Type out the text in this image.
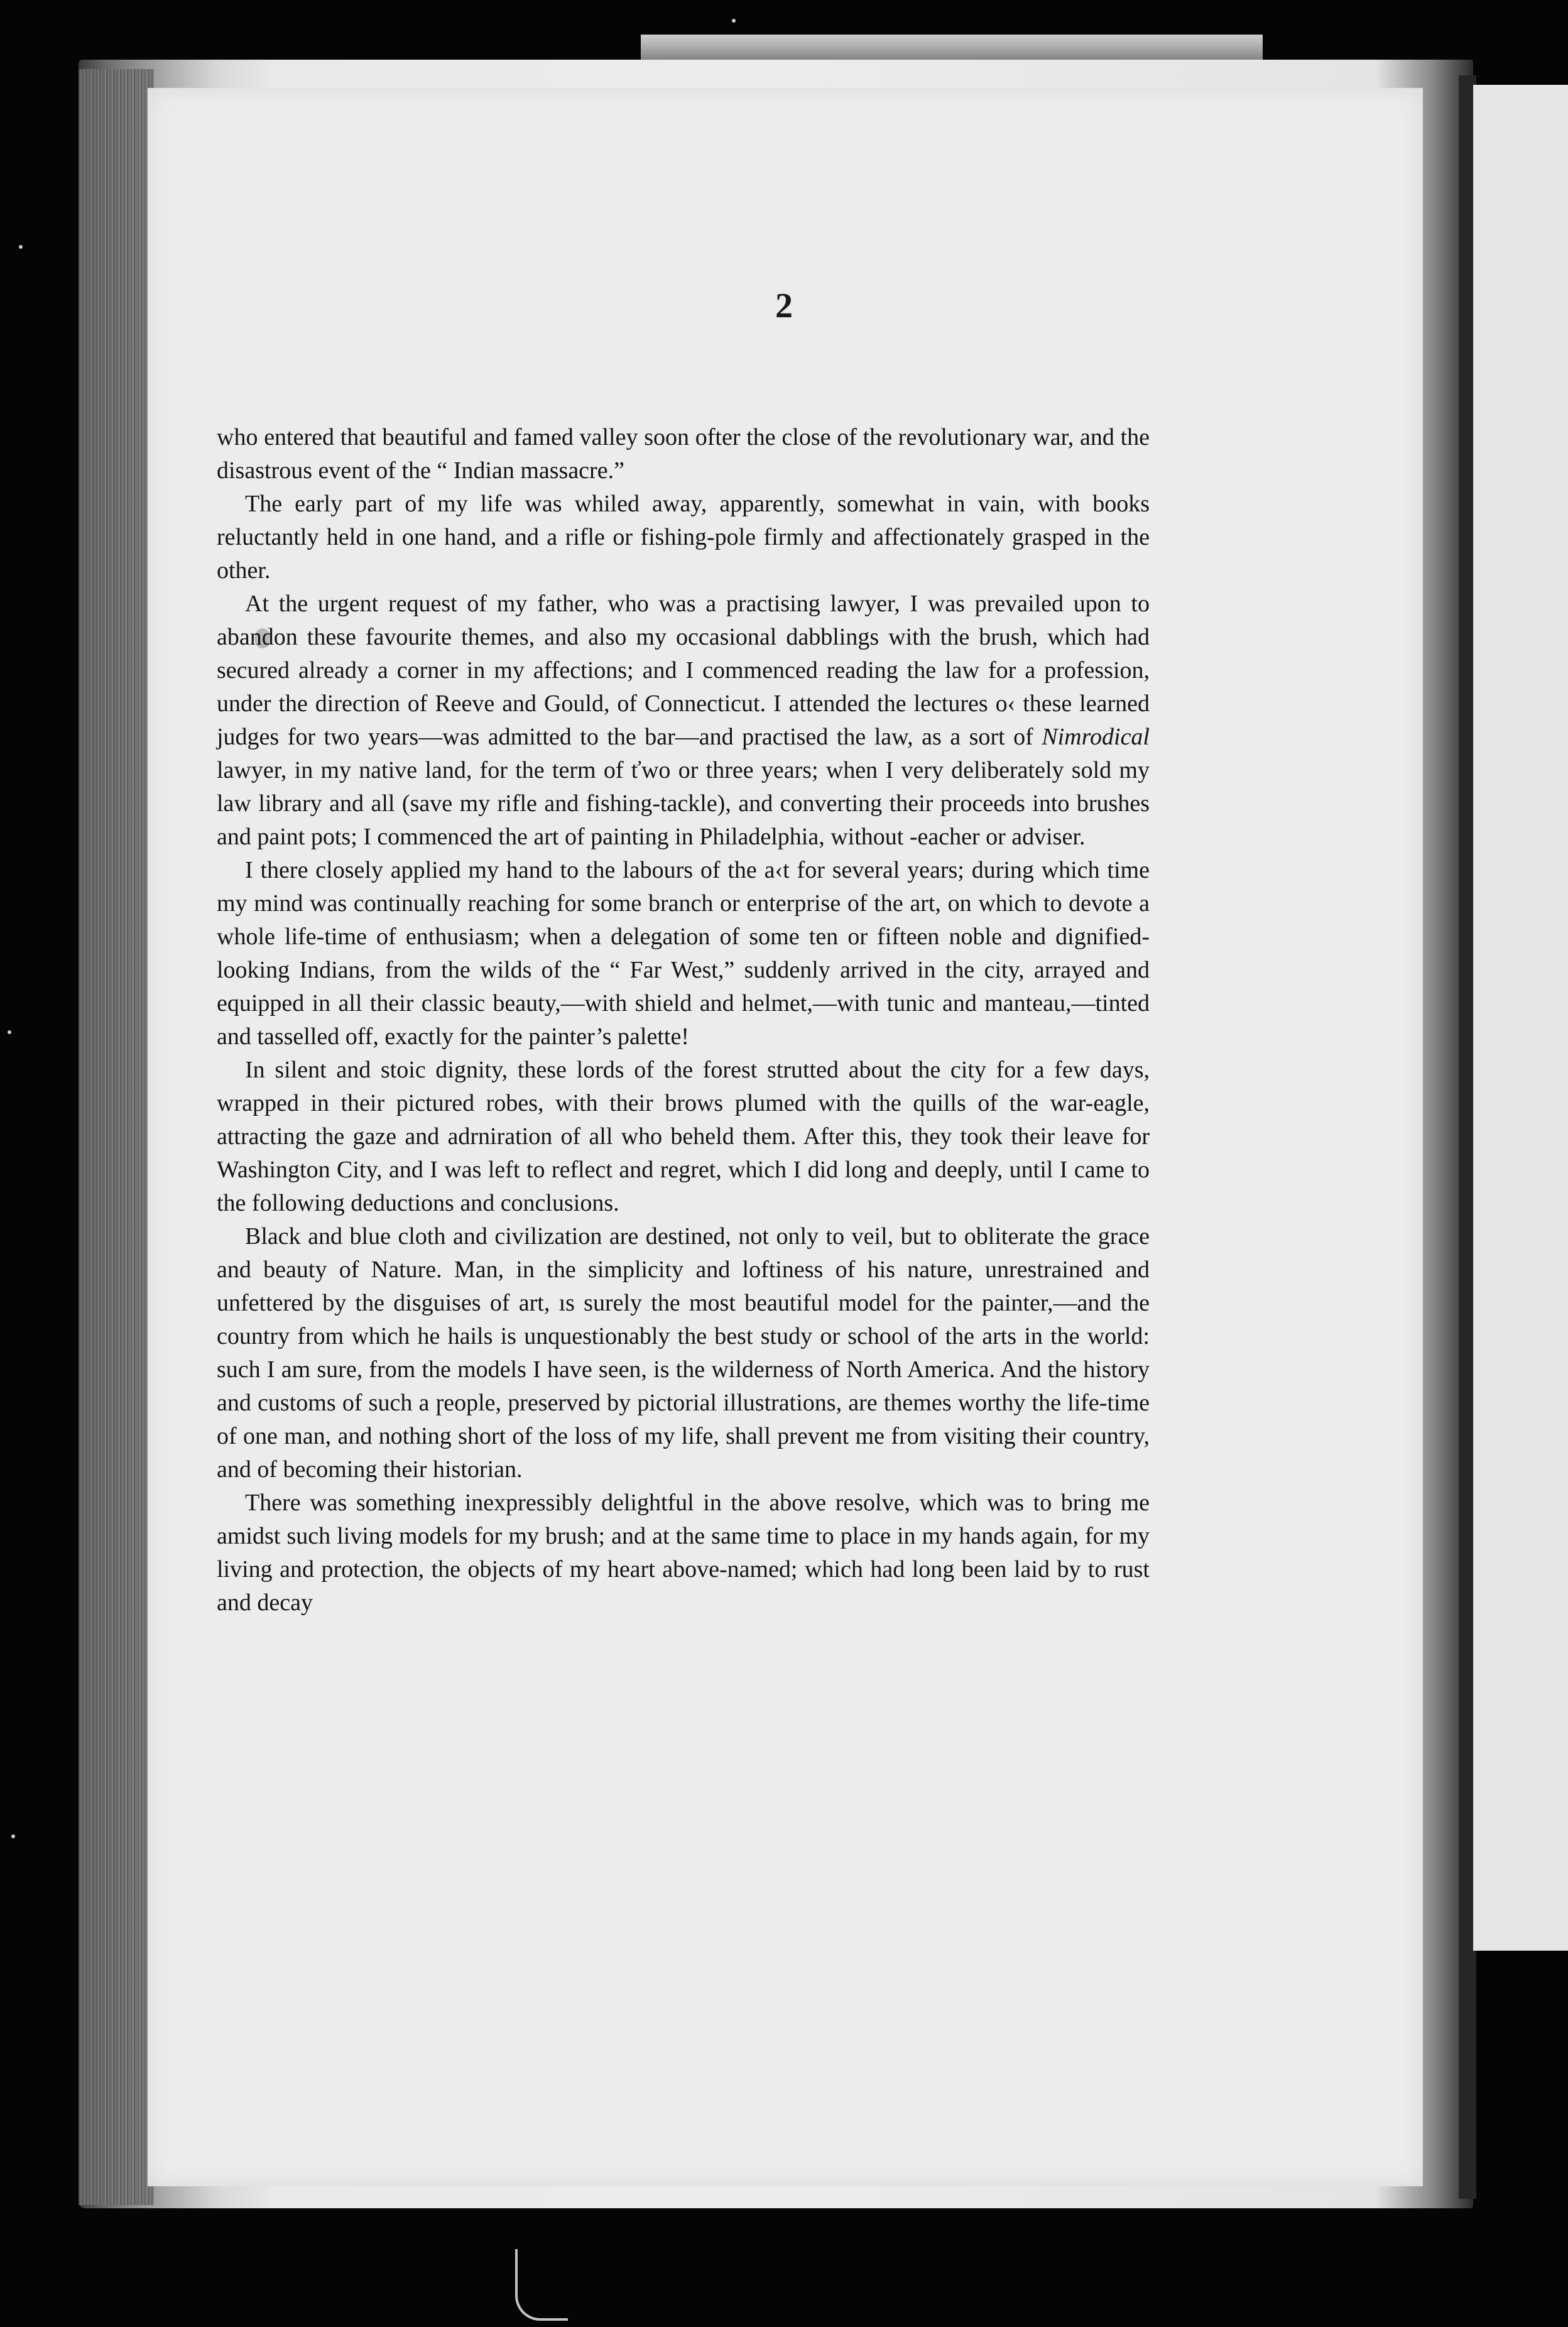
2

who entered that beautiful and famed valley soon ofter the close of the revolutionary war, and the disastrous event of the “ Indian massacre.”

The early part of my life was whiled away, apparently, somewhat in vain, with books reluctantly held in one hand, and a rifle or fishing-pole firmly and affectionately grasped in the other.

At the urgent request of my father, who was a practising lawyer, I was prevailed upon to abandon these favourite themes, and also my occasional dabblings with the brush, which had secured already a corner in my affections; and I commenced reading the law for a profession, under the direction of Reeve and Gould, of Connecticut. I attended the lectures o‹ these learned judges for two years—was admitted to the bar—and practised the law, as a sort of Nimrodical lawyer, in my native land, for the term of ťwo or three years; when I very deliberately sold my law library and all (save my rifle and fishing-tackle), and converting their proceeds into brushes and paint pots; I commenced the art of painting in Philadelphia, without ‑eacher or adviser.

I there closely applied my hand to the labours of the a‹t for several years; during which time my mind was continually reaching for some branch or enterprise of the art, on which to devote a whole life-time of enthusiasm; when a delegation of some ten or fifteen noble and dignified-looking Indians, from the wilds of the “ Far West,” suddenly arrived in the city, arrayed and equipped in all their classic beauty,—with shield and helmet,—with tunic and manteau,—tinted and tasselled off, exactly for the painter’s palette!

In silent and stoic dignity, these lords of the forest strutted about the city for a few days, wrapped in their pictured robes, with their brows plumed with the quills of the war-eagle, attracting the gaze and adrniration of all who beheld them. After this, they took their leave for Washington City, and I was left to reflect and regret, which I did long and deeply, until I came to the following deductions and conclusions.

Black and blue cloth and civilization are destined, not only to veil, but to obliterate the grace and beauty of Nature. Man, in the simplicity and loftiness of his nature, unrestrained and unfettered by the disguises of art, ıs surely the most beautiful model for the painter,—and the country from which he hails is unquestionably the best study or school of the arts in the world: such I am sure, from the models I have seen, is the wilderness of North America. And the history and customs of such a ɼeople, preserved by pictorial illustrations, are themes worthy the life-time of one man, and nothing short of the loss of my life, shall prevent me from visiting their country, and of becoming their historian.

There was something inexpressibly delightful in the above resolve, which was to bring me amidst such living models for my brush; and at the same time to place in my hands again, for my living and protection, the objects of my heart above-named; which had long been laid by to rust and decay
